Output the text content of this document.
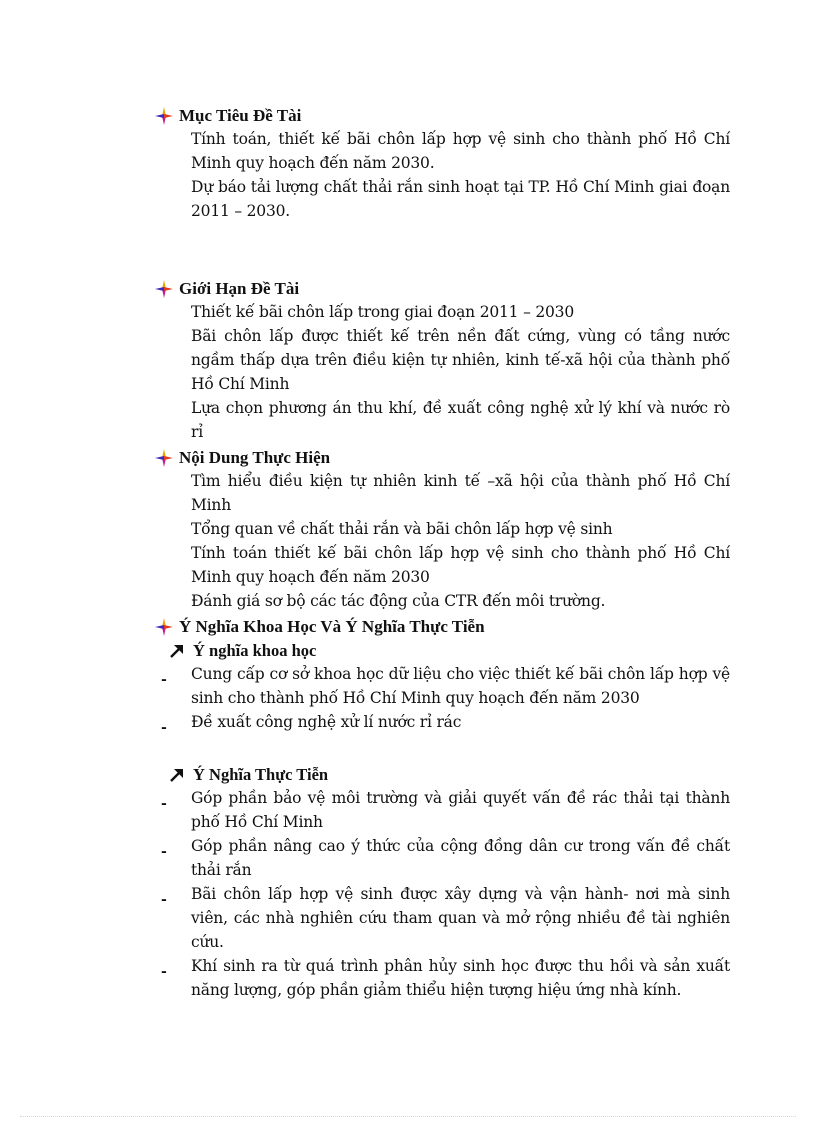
Mục Tiêu Đề Tài
Tính toán, thiết kế bãi chôn lấp hợp vệ sinh cho thành phố Hồ Chí Minh quy hoạch đến năm 2030.
Dự báo tải lượng chất thải rắn sinh hoạt tại TP. Hồ Chí Minh giai đoạn 2011 – 2030.
Giới Hạn Đề Tài
Thiết kế bãi chôn lấp trong giai đoạn 2011 – 2030
Bãi chôn lấp được thiết kế trên nền đất cứng, vùng có tầng nước ngầm thấp dựa trên điều kiện tự nhiên, kinh tế-xã hội của thành phố Hồ Chí Minh
Lựa chọn phương án thu khí, đề xuất công nghệ xử lý khí và nước rò rỉ
Nội Dung Thực Hiện
Tìm hiểu điều kiện tự nhiên kinh tế –xã hội của thành phố Hồ Chí Minh
Tổng quan về chất thải rắn và bãi chôn lấp hợp vệ sinh
Tính toán thiết kế bãi chôn lấp hợp vệ sinh cho thành phố Hồ Chí Minh quy hoạch đến năm 2030
Đánh giá sơ bộ các tác động của CTR đến môi trường.
Ý Nghĩa Khoa Học Và Ý Nghĩa Thực Tiễn
Ý nghĩa khoa học
-	Cung cấp cơ sở khoa học dữ liệu cho việc thiết kế bãi chôn lấp hợp vệ sinh cho thành phố Hồ Chí Minh quy hoạch đến năm 2030
-	Đề xuất công nghệ xử lí nước rỉ rác
Ý Nghĩa Thực Tiễn
-	Góp phần bảo vệ môi trường và giải quyết vấn đề rác thải tại thành phố Hồ Chí Minh
-	Góp phần nâng cao ý thức của cộng đồng dân cư trong vấn đề chất thải rắn
-	Bãi chôn lấp hợp vệ sinh được xây dựng và vận hành- nơi mà sinh viên, các nhà nghiên cứu tham quan và mở rộng nhiều đề tài nghiên cứu.
-	Khí sinh ra từ quá trình phân hủy sinh học được thu hồi và sản xuất năng lượng, góp phần giảm thiểu hiện tượng hiệu ứng nhà kính.
